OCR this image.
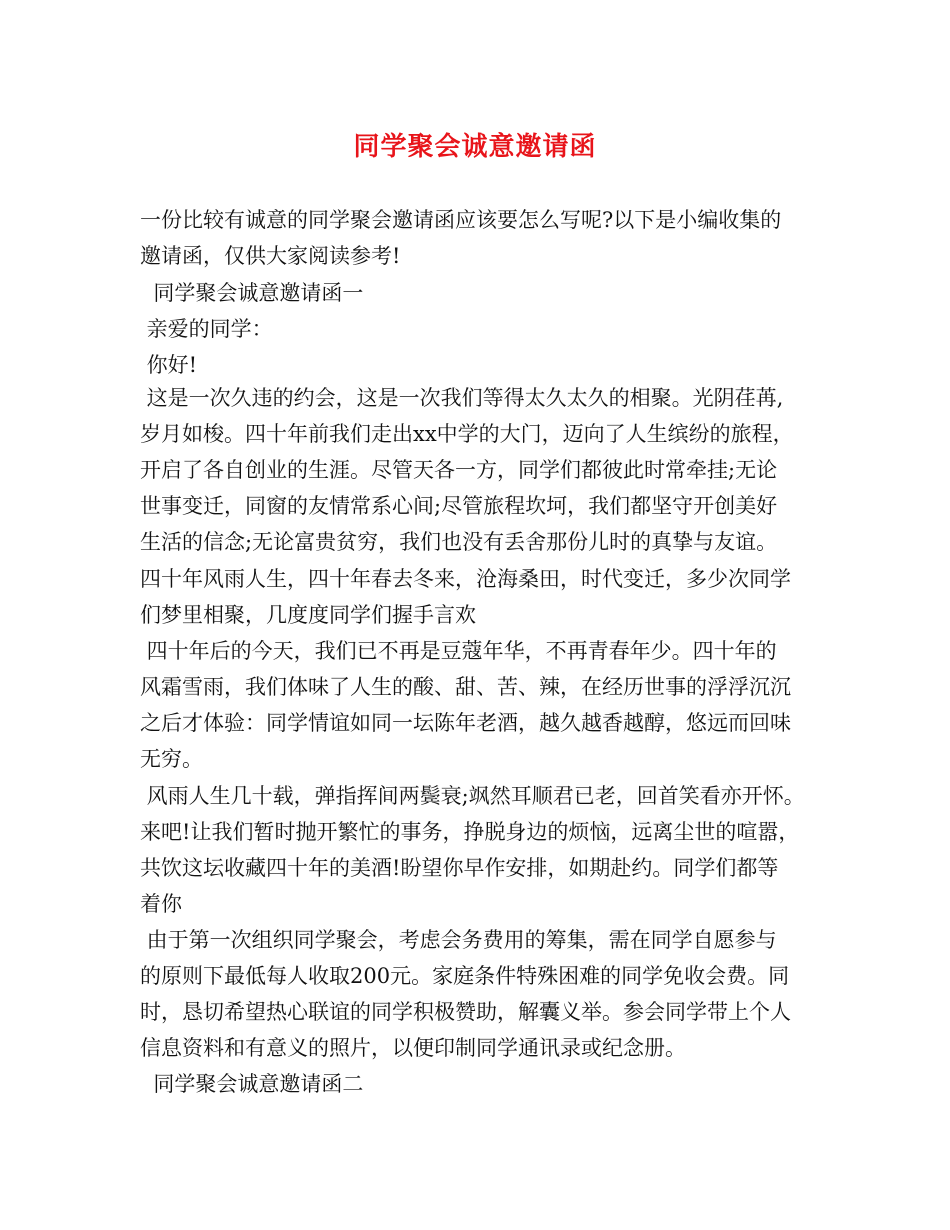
同学聚会诚意邀请函
一份比较有诚意的同学聚会邀请函应该要怎么写呢?以下是小编收集的
邀请函，仅供大家阅读参考!
同学聚会诚意邀请函一
亲爱的同学：
你好!
这是一次久违的约会，这是一次我们等得太久太久的相聚。光阴荏苒,
岁月如梭。四十年前我们走出xx中学的大门，迈向了人生缤纷的旅程，
开启了各自创业的生涯。尽管天各一方，同学们都彼此时常牵挂;无论
世事变迁，同窗的友情常系心间;尽管旅程坎坷，我们都坚守开创美好
生活的信念;无论富贵贫穷，我们也没有丢舍那份儿时的真挚与友谊。
四十年风雨人生，四十年春去冬来，沧海桑田，时代变迁，多少次同学
们梦里相聚，几度度同学们握手言欢
四十年后的今天，我们已不再是豆蔻年华，不再青春年少。四十年的
风霜雪雨，我们体味了人生的酸、甜、苦、辣，在经历世事的浮浮沉沉
之后才体验：同学情谊如同一坛陈年老酒，越久越香越醇，悠远而回味
无穷。
风雨人生几十载，弹指挥间两鬓衰;飒然耳顺君已老，回首笑看亦开怀。
来吧!让我们暂时抛开繁忙的事务，挣脱身边的烦恼，远离尘世的喧嚣，
共饮这坛收藏四十年的美酒!盼望你早作安排，如期赴约。同学们都等
着你
由于第一次组织同学聚会，考虑会务费用的筹集，需在同学自愿参与
的原则下最低每人收取200元。家庭条件特殊困难的同学免收会费。同
时，恳切希望热心联谊的同学积极赞助，解囊义举。参会同学带上个人
信息资料和有意义的照片，以便印制同学通讯录或纪念册。
同学聚会诚意邀请函二
